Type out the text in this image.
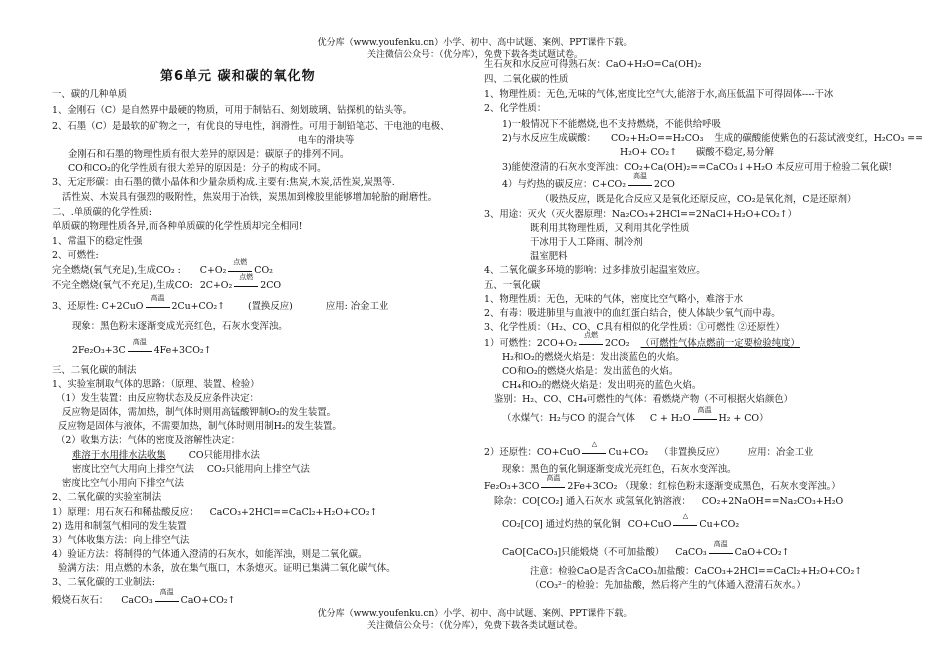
优分库（www.youfenku.cn）小学、初中、高中试题、案例、PPT课件下载。
关注微信公众号：（优分库），免费下载各类试题试卷。
第6单元 碳和碳的氧化物
一、碳的几种单质
1、金刚石（C）是自然界中最硬的物质，可用于制钻石、刻划玻璃、钻探机的钻头等。
2、石墨（C）是最软的矿物之一，有优良的导电性，润滑性。可用于制铅笔芯、干电池的电极、
电车的滑块等
金刚石和石墨的物理性质有很大差异的原因是：碳原子的排列不同。
CO和CO₂的化学性质有很大差异的原因是：分子的构成不同。
3、无定形碳：由石墨的微小晶体和少量杂质构成.主要有:焦炭,木炭,活性炭,炭黑等.
活性炭、木炭具有强烈的吸附性，焦炭用于冶铁，炭黑加到橡胶里能够增加轮胎的耐磨性。
二、.单质碳的化学性质:
单质碳的物理性质各异,而各种单质碳的化学性质却完全相同!
1、常温下的稳定性强
2、可燃性:
完全燃烧(氧气充足),生成CO₂ : C+O₂
点燃
CO₂
不完全燃烧(氧气不充足),生成CO: 2C+O₂
点燃
2CO
3、还原性: C+2CuO
高温
2Cu+CO₂↑ (置换反应)	应用: 冶金工业
现象：黑色粉末逐渐变成光亮红色，石灰水变浑浊。
2Fe₂O₃+3C
高温
4Fe+3CO₂↑
三、二氧化碳的制法
1、实验室制取气体的思路：（原理、装置、检验）
（1）发生装置：由反应物状态及反应条件决定：
反应物是固体，需加热，制气体时则用高锰酸钾制O₂的发生装置。
反应物是固体与液体，不需要加热，制气体时则用制H₂的发生装置。
（2）收集方法：气体的密度及溶解性决定：
难溶于水用排水法收集 CO只能用排水法
密度比空气大用向上排空气法 CO₂只能用向上排空气法
密度比空气小用向下排空气法
2、二氧化碳的实验室制法
1）原理：用石灰石和稀盐酸反应： CaCO₃+2HCl==CaCl₂+H₂O+CO₂↑
2) 选用和制氢气相同的发生装置
3）气体收集方法：向上排空气法
4）验证方法：将制得的气体通入澄清的石灰水，如能浑浊，则是二氧化碳。
验满方法：用点燃的木条，放在集气瓶口，木条熄灭。证明已集满二氧化碳气体。
3、二氧化碳的工业制法:
煅烧石灰石： CaCO₃
高温
CaO+CO₂↑
生石灰和水反应可得熟石灰：CaO+H₂O=Ca(OH)₂
四、二氧化碳的性质
1、物理性质：无色,无味的气体,密度比空气大,能溶于水,高压低温下可得固体----干冰
2、化学性质：
1)一般情况下不能燃烧,也不支持燃烧，不能供给呼吸
2)与水反应生成碳酸： CO₂+H₂O==H₂CO₃ 生成的碳酸能使紫色的石蕊试液变红，H₂CO₃ ==
H₂O+ CO₂↑ 碳酸不稳定,易分解
3)能使澄清的石灰水变浑浊：CO₂+Ca(OH)₂==CaCO₃↓+H₂O 本反应可用于检验二氧化碳!
4）与灼热的碳反应：C+CO₂
高温
2CO
（吸热反应，既是化合反应又是氧化还原反应，CO₂是氧化剂，C是还原剂）
3、用途：灭火（灭火器原理：Na₂CO₃+2HCl==2NaCl+H₂O+CO₂↑）
既利用其物理性质，又利用其化学性质
干冰用于人工降雨、制冷剂
温室肥料
4、二氧化碳多环境的影响：过多排放引起温室效应。
五、一氧化碳
1、物理性质：无色，无味的气体，密度比空气略小，难溶于水
2、有毒：吸进肺里与血液中的血红蛋白结合，使人体缺少氧气而中毒。
3、化学性质：（H₂、CO、C具有相似的化学性质：①可燃性 ②还原性）
1）可燃性：2CO+O₂
点燃
2CO₂ （可燃性气体点燃前一定要检验纯度）
H₂和O₂的燃烧火焰是：发出淡蓝色的火焰。
CO和O₂的燃烧火焰是：发出蓝色的火焰。
CH₄和O₂的燃烧火焰是：发出明亮的蓝色火焰。
鉴别：H₂、CO、CH₄可燃性的气体：看燃烧产物（不可根据火焰颜色）
（水煤气：H₂与CO 的混合气体 C + H₂O
高温
H₂ + CO）
2）还原性：CO+CuO
△
Cu+CO₂ （非置换反应） 应用：冶金工业
现象：黑色的氧化铜逐渐变成光亮红色，石灰水变浑浊。
Fe₂O₃+3CO
高温
2Fe+3CO₂ （现象：红棕色粉末逐渐变成黑色，石灰水变浑浊。）
除杂：CO[CO₂] 通入石灰水 或氢氧化钠溶液： CO₂+2NaOH==Na₂CO₃+H₂O
CO₂[CO] 通过灼热的氧化铜 CO+CuO
△
Cu+CO₂
CaO[CaCO₃]只能煅烧（不可加盐酸） CaCO₃
高温
CaO+CO₂↑
注意：检验CaO是否含CaCO₃加盐酸：CaCO₃+2HCl==CaCl₂+H₂O+CO₂↑
（CO₃²⁻的检验：先加盐酸，然后将产生的气体通入澄清石灰水。）
优分库（www.youfenku.cn）小学、初中、高中试题、案例、PPT课件下载。
关注微信公众号：（优分库），免费下载各类试题试卷。
